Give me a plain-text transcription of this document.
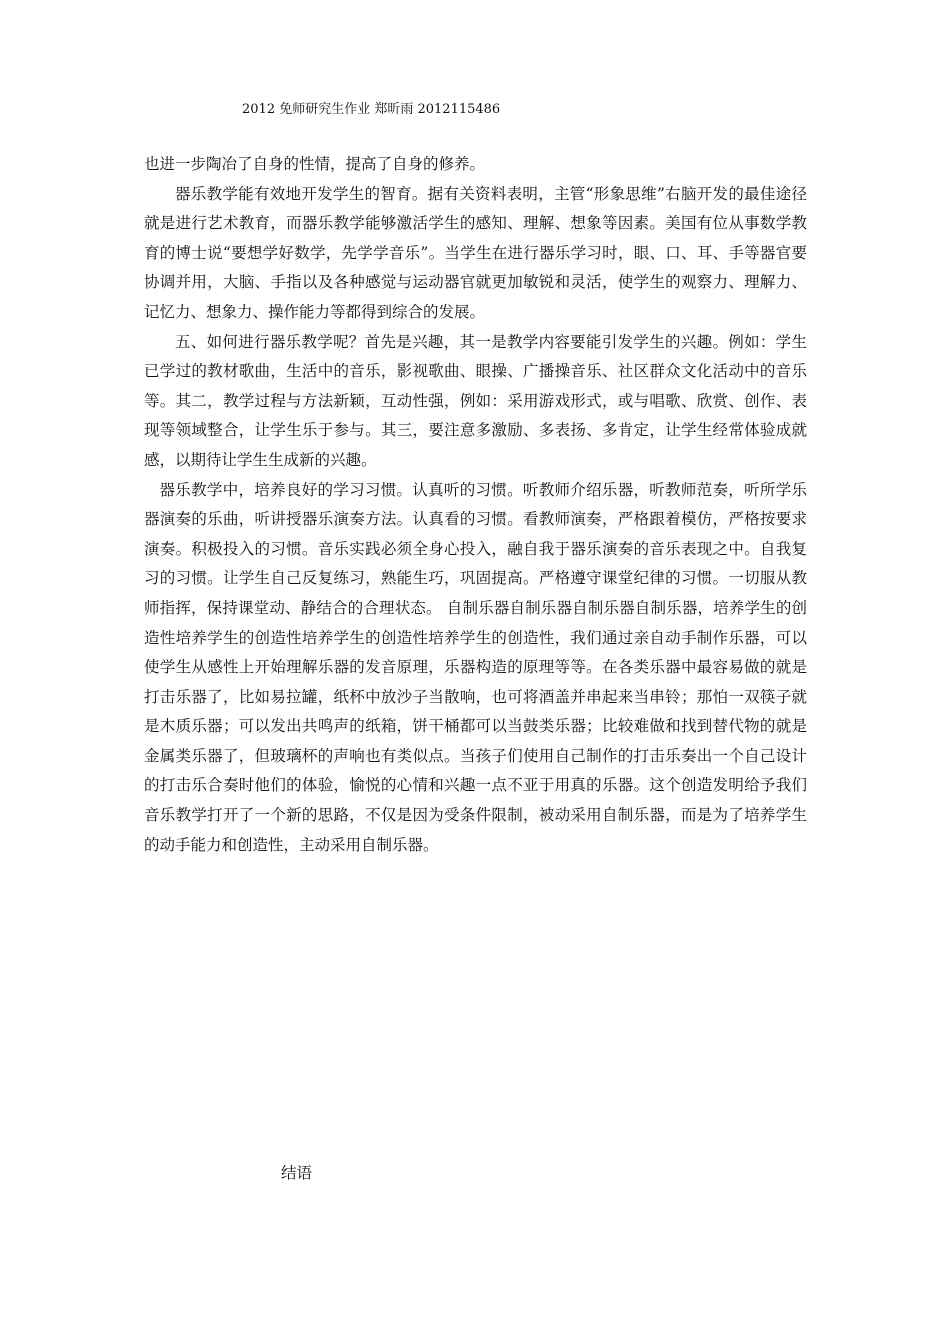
2012 免师研究生作业 郑昕雨 2012115486

也进一步陶冶了自身的性情，提高了自身的修养。

器乐教学能有效地开发学生的智育。据有关资料表明，主管“形象思维”右脑开发的最佳途径就是进行艺术教育，而器乐教学能够激活学生的感知、理解、想象等因素。美国有位从事数学教育的博士说“要想学好数学，先学学音乐”。当学生在进行器乐学习时，眼、口、耳、手等器官要协调并用，大脑、手指以及各种感觉与运动器官就更加敏锐和灵活，使学生的观察力、理解力、记忆力、想象力、操作能力等都得到综合的发展。

五、如何进行器乐教学呢？首先是兴趣，其一是教学内容要能引发学生的兴趣。例如：学生已学过的教材歌曲，生活中的音乐，影视歌曲、眼操、广播操音乐、社区群众文化活动中的音乐等。其二，教学过程与方法新颖，互动性强，例如：采用游戏形式，或与唱歌、欣赏、创作、表现等领域整合，让学生乐于参与。其三，要注意多激励、多表扬、多肯定，让学生经常体验成就感，以期待让学生生成新的兴趣。

器乐教学中，培养良好的学习习惯。认真听的习惯。听教师介绍乐器，听教师范奏，听所学乐器演奏的乐曲，听讲授器乐演奏方法。认真看的习惯。看教师演奏，严格跟着模仿，严格按要求演奏。积极投入的习惯。音乐实践必须全身心投入，融自我于器乐演奏的音乐表现之中。自我复习的习惯。让学生自己反复练习，熟能生巧，巩固提高。严格遵守课堂纪律的习惯。一切服从教师指挥，保持课堂动、静结合的合理状态。 自制乐器自制乐器自制乐器自制乐器，培养学生的创造性培养学生的创造性培养学生的创造性培养学生的创造性，我们通过亲自动手制作乐器，可以使学生从感性上开始理解乐器的发音原理，乐器构造的原理等等。在各类乐器中最容易做的就是打击乐器了，比如易拉罐，纸杯中放沙子当散响，也可将酒盖并串起来当串铃；那怕一双筷子就是木质乐器；可以发出共鸣声的纸箱，饼干桶都可以当鼓类乐器；比较难做和找到替代物的就是金属类乐器了，但玻璃杯的声响也有类似点。当孩子们使用自己制作的打击乐奏出一个自己设计的打击乐合奏时他们的体验，愉悦的心情和兴趣一点不亚于用真的乐器。这个创造发明给予我们音乐教学打开了一个新的思路，不仅是因为受条件限制，被动采用自制乐器，而是为了培养学生的动手能力和创造性，主动采用自制乐器。

结语
